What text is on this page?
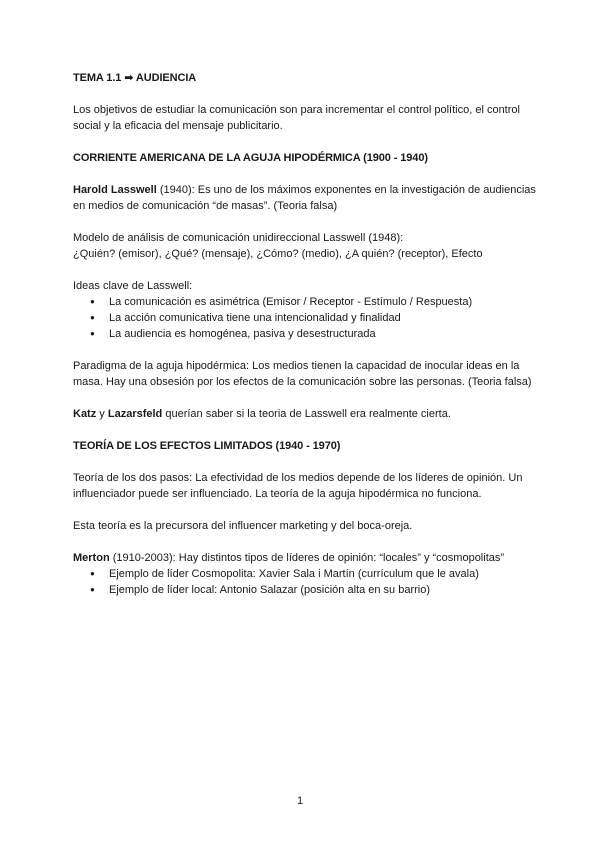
TEMA 1.1 ➡ AUDIENCIA

Los objetivos de estudiar la comunicación son para incrementar el control político, el control social y la eficacia del mensaje publicitario.

CORRIENTE AMERICANA DE LA AGUJA HIPODÉRMICA (1900 - 1940)

Harold Lasswell (1940): Es uno de los máximos exponentes en la investigación de audiencias en medios de comunicación “de masas”. (Teoria falsa)

Modelo de análisis de comunicación unidireccional Lasswell (1948):

¿Quién? (emisor), ¿Qué? (mensaje), ¿Cómo? (medio), ¿A quién? (receptor), Efecto

Ideas clave de Lasswell:

● La comunicación es asimétrica (Emisor / Receptor - Estímulo / Respuesta)
● La acción comunicativa tiene una intencionalidad y finalidad
● La audiencia es homogénea, pasiva y desestructurada

Paradigma de la aguja hipodérmica: Los medios tienen la capacidad de inocular ideas en la masa. Hay una obsesión por los efectos de la comunicación sobre las personas. (Teoria falsa)

Katz y Lazarsfeld querían saber si la teoria de Lasswell era realmente cierta.

TEORÍA DE LOS EFECTOS LIMITADOS (1940 - 1970)

Teoría de los dos pasos: La efectividad de los medios depende de los líderes de opinión. Un influenciador puede ser influenciado. La teoría de la aguja hipodérmica no funciona.

Esta teoría es la precursora del influencer marketing y del boca-oreja.

Merton (1910-2003): Hay distintos tipos de líderes de opinión: “locales” y “cosmopolitas”

● Ejemplo de líder Cosmopolita: Xavier Sala i Martín (currículum que le avala)
● Ejemplo de líder local: Antonio Salazar (posición alta en su barrio)
1
